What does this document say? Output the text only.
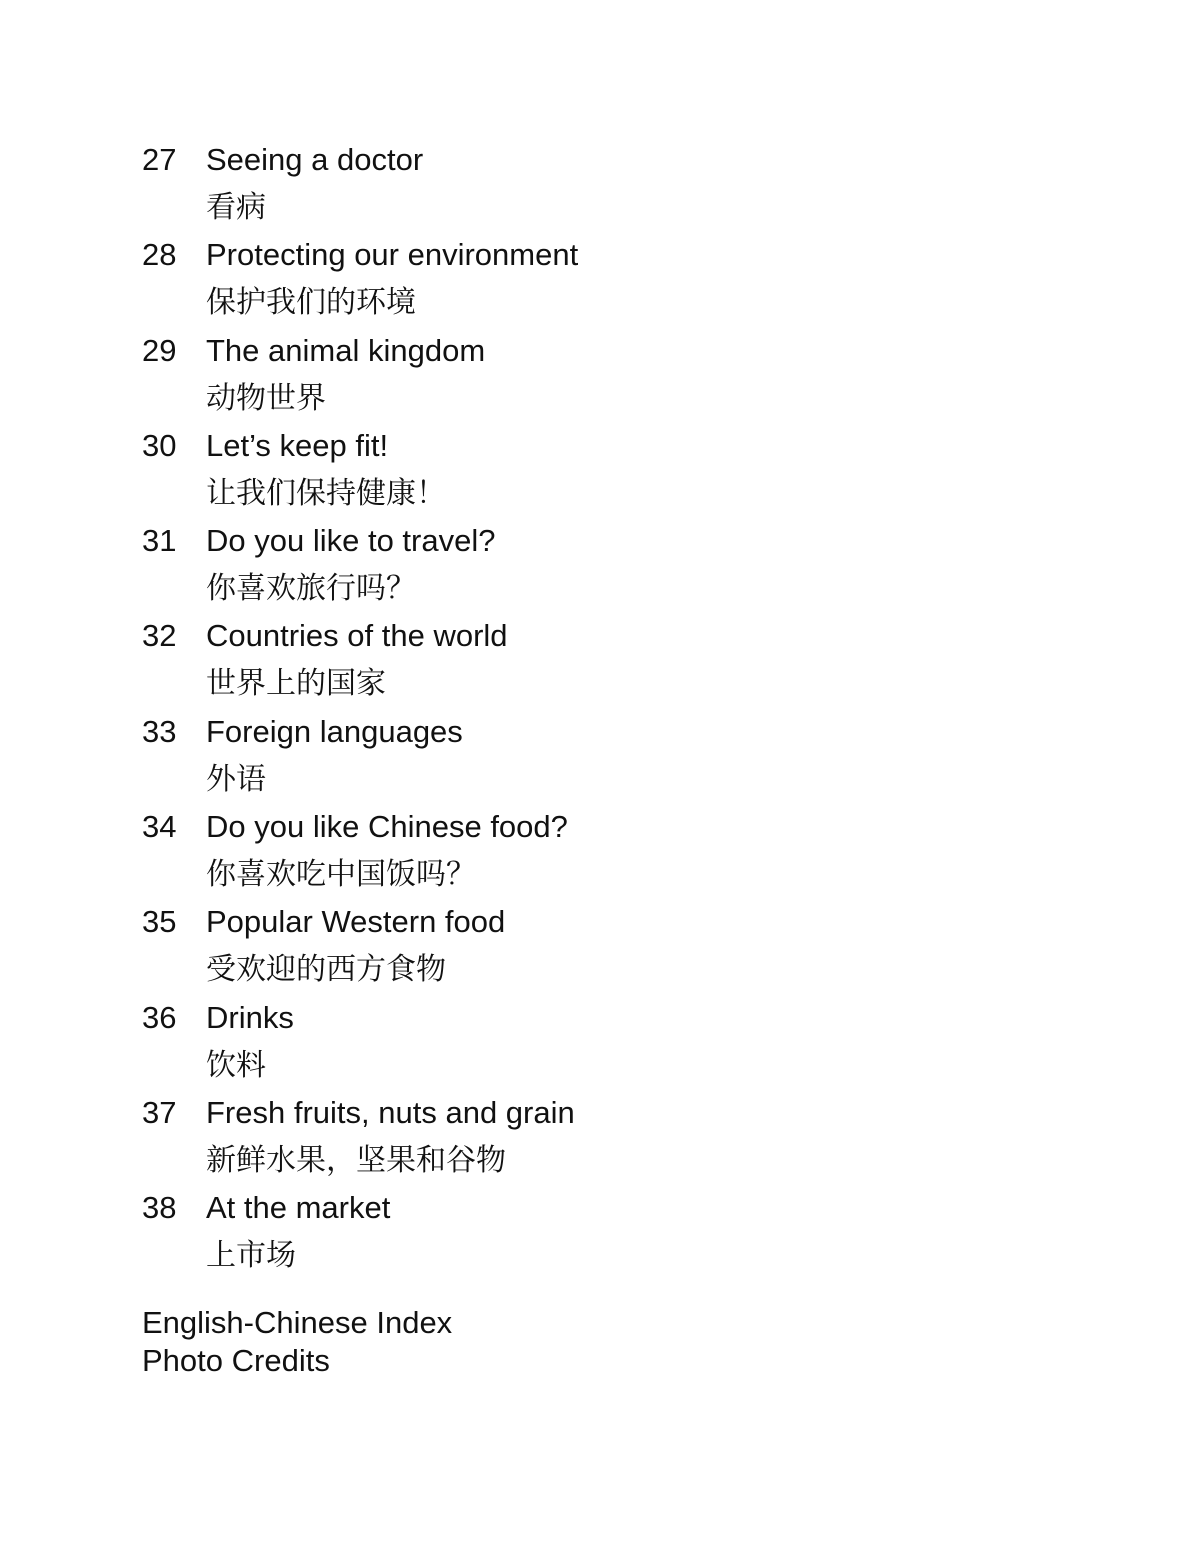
27 Seeing a doctor
看病
28 Protecting our environment
保护我们的环境
29 The animal kingdom
动物世界
30 Let’s keep fit!
让我们保持健康！
31 Do you like to travel?
你喜欢旅行吗？
32 Countries of the world
世界上的国家
33 Foreign languages
外语
34 Do you like Chinese food?
你喜欢吃中国饭吗？
35 Popular Western food
受欢迎的西方食物
36 Drinks
饮料
37 Fresh fruits, nuts and grain
新鲜水果，坚果和谷物
38 At the market
上市场
English-Chinese Index
Photo Credits
